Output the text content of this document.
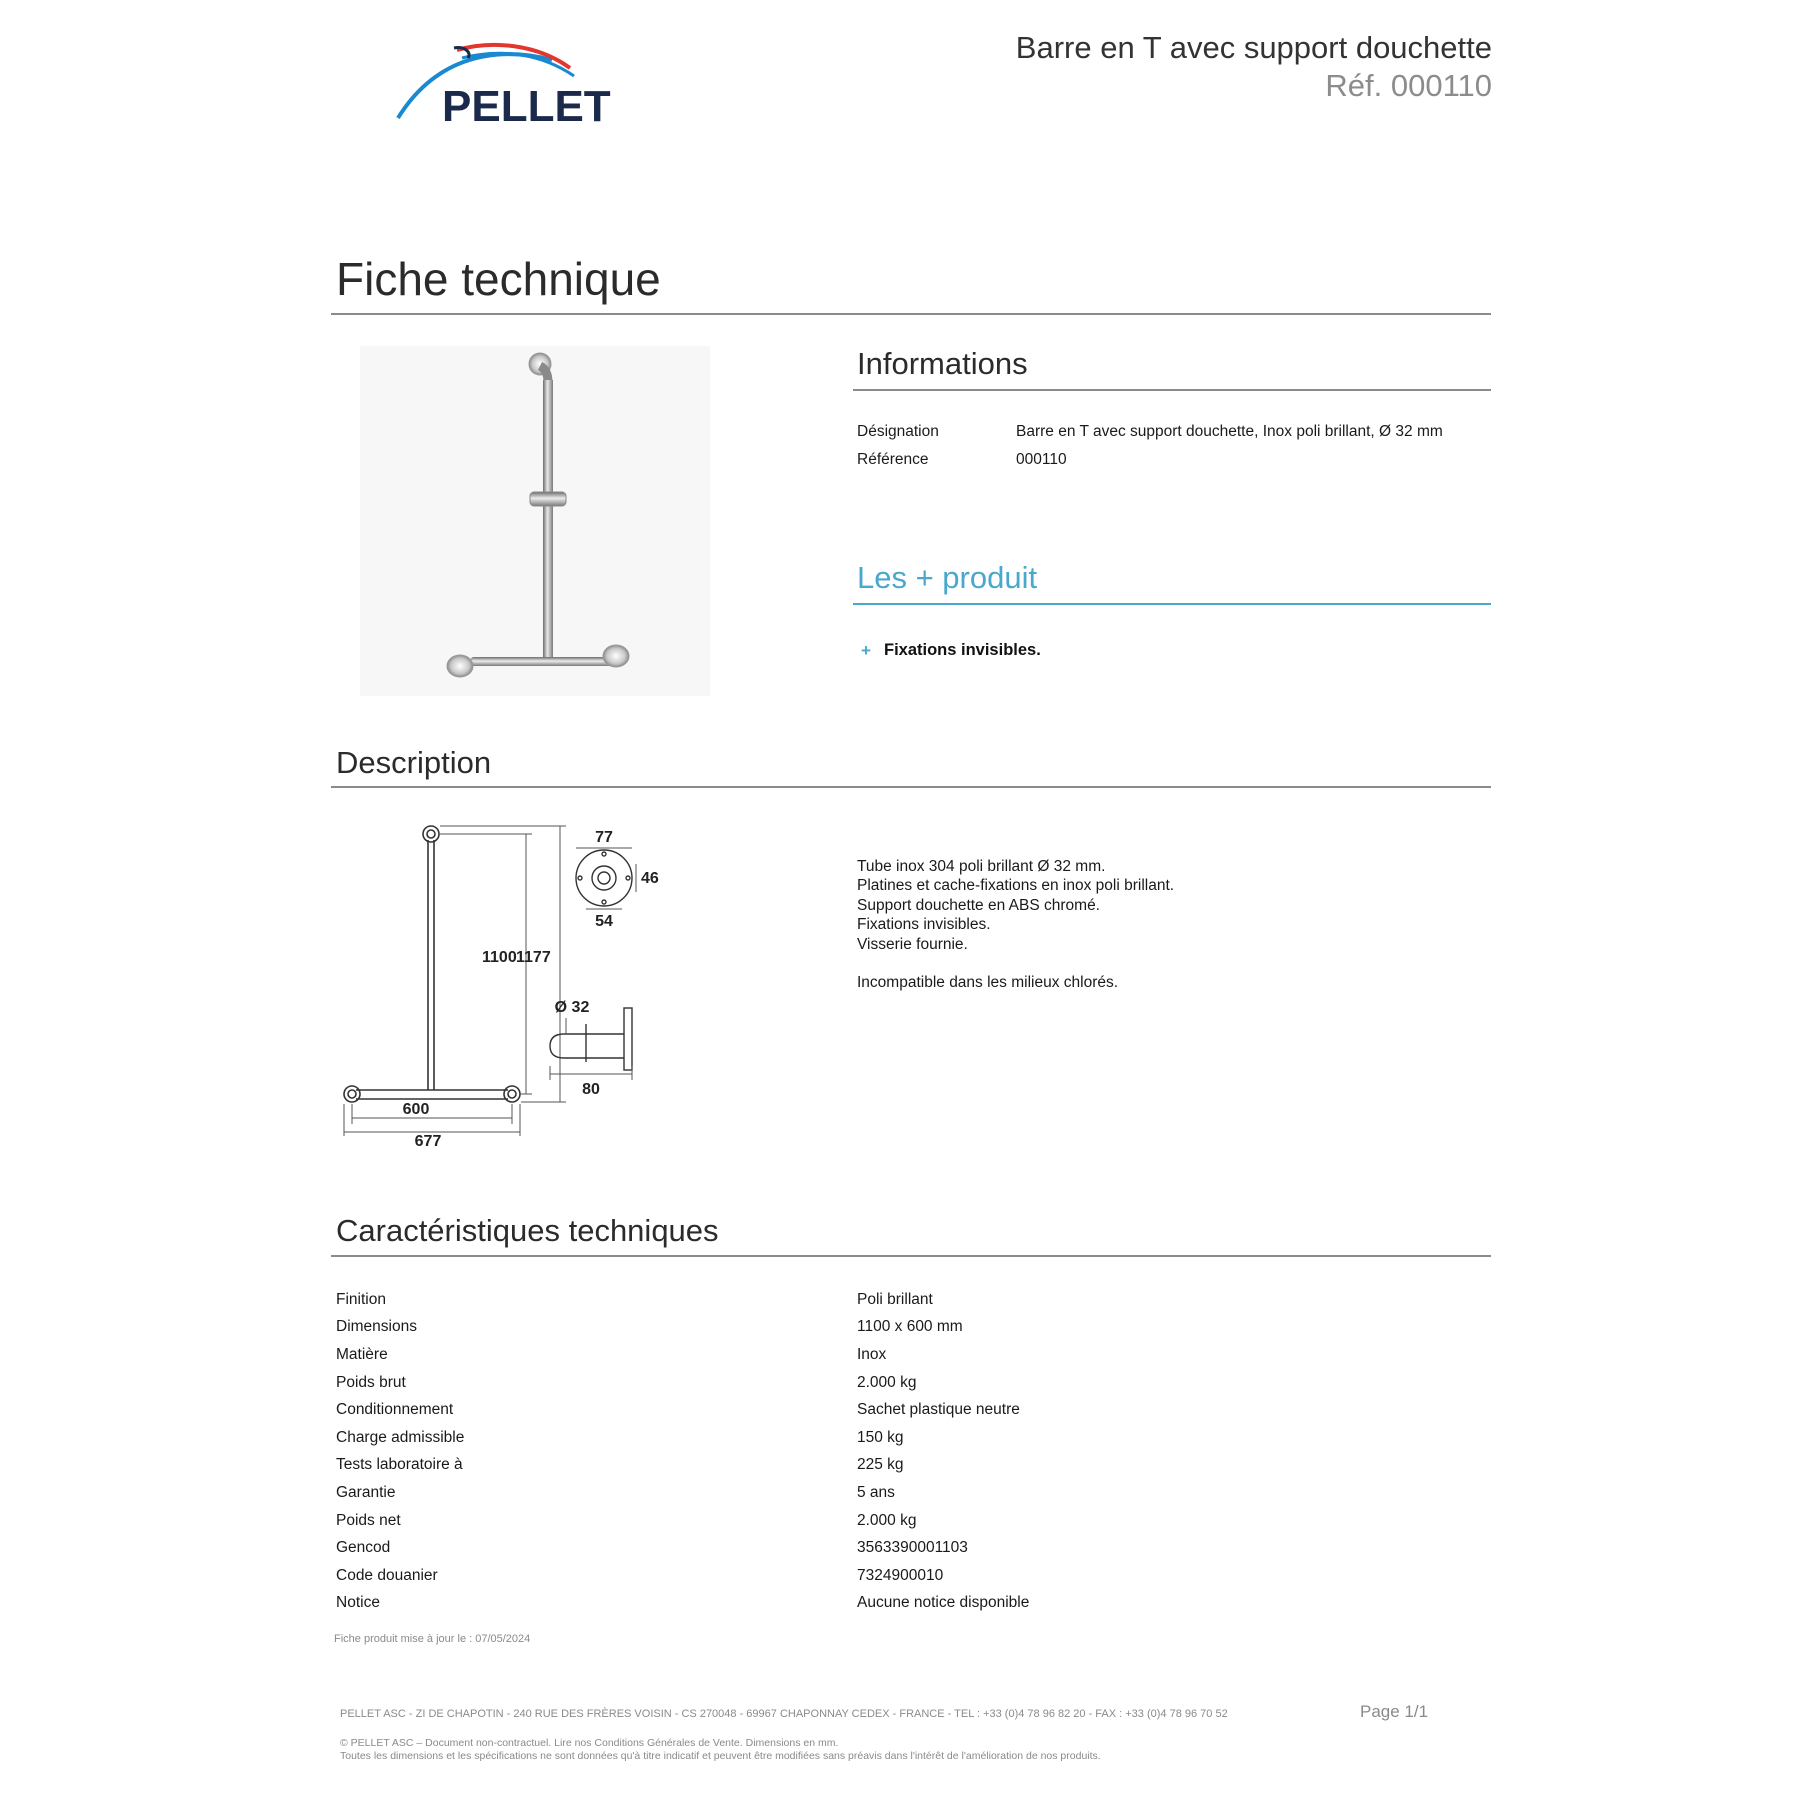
PELLET
Barre en T avec support douchette
Réf. 000110
Fiche technique
Informations
Désignation	Barre en T avec support douchette, Inox poli brillant, Ø 32 mm
Référence	000110
Les + produit
+ Fixations invisibles.
Description
1100 1177
600
677
77
46
54
Ø 32
80
Tube inox 304 poli brillant Ø 32 mm.
Platines et cache-fixations en inox poli brillant.
Support douchette en ABS chromé.
Fixations invisibles.
Visserie fournie.
Incompatible dans les milieux chlorés.
Caractéristiques techniques
Finition	Poli brillant
Dimensions	1100 x 600 mm
Matière	Inox
Poids brut	2.000 kg
Conditionnement	Sachet plastique neutre
Charge admissible	150 kg
Tests laboratoire à	225 kg
Garantie	5 ans
Poids net	2.000 kg
Gencod	3563390001103
Code douanier	7324900010
Notice	Aucune notice disponible
Fiche produit mise à jour le : 07/05/2024
PELLET ASC - ZI DE CHAPOTIN - 240 RUE DES FRÈRES VOISIN - CS 270048 - 69967 CHAPONNAY CEDEX - FRANCE - TEL : +33 (0)4 78 96 82 20 - FAX : +33 (0)4 78 96 70 52	Page 1/1
© PELLET ASC – Document non-contractuel. Lire nos Conditions Générales de Vente. Dimensions en mm.
Toutes les dimensions et les spécifications ne sont données qu'à titre indicatif et peuvent être modifiées sans préavis dans l'intérêt de l'amélioration de nos produits.
